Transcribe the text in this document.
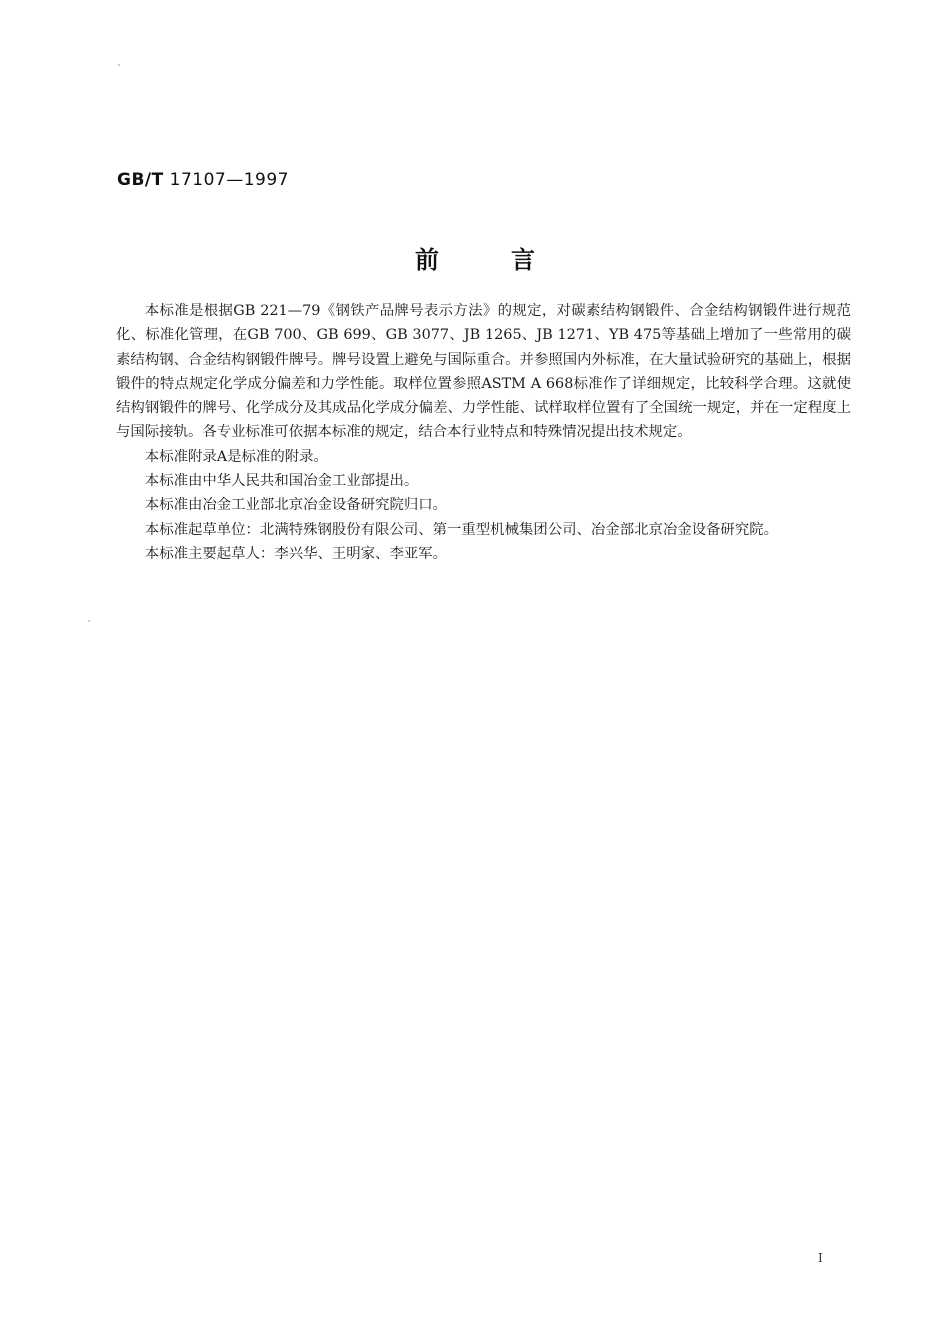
GB/T 17107—1997
前言

本标准是根据GB 221—79《钢铁产品牌号表示方法》的规定，对碳素结构钢锻件、合金结构钢锻件进行规范化、标准化管理，在GB 700、GB 699、GB 3077、JB 1265、JB 1271、YB 475等基础上增加了一些常用的碳素结构钢、合金结构钢锻件牌号。牌号设置上避免与国际重合。并参照国内外标准，在大量试验研究的基础上，根据锻件的特点规定化学成分偏差和力学性能。取样位置参照ASTM A 668标准作了详细规定，比较科学合理。这就使结构钢锻件的牌号、化学成分及其成品化学成分偏差、力学性能、试样取样位置有了全国统一规定，并在一定程度上与国际接轨。各专业标准可依据本标准的规定，结合本行业特点和特殊情况提出技术规定。

本标准附录A是标准的附录。

本标准由中华人民共和国冶金工业部提出。

本标准由冶金工业部北京冶金设备研究院归口。

本标准起草单位：北满特殊钢股份有限公司、第一重型机械集团公司、冶金部北京冶金设备研究院。

本标准主要起草人：李兴华、王明家、李亚军。

I
